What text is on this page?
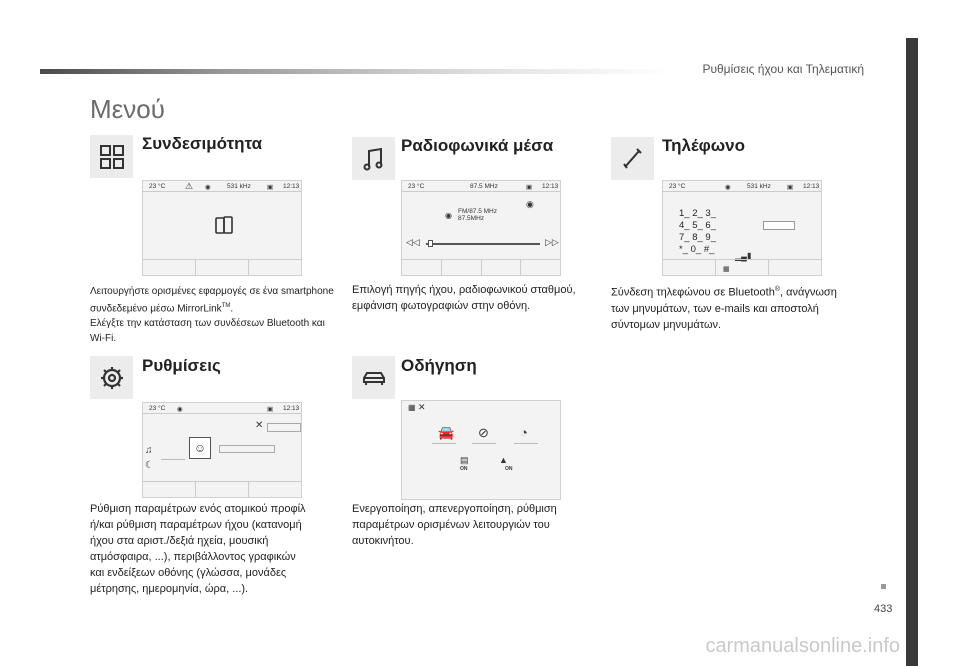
Ρυθμίσεις ήχου και Τηλεματική
Μενού
433
Συνδεσιμότητα
23 °C ⚠ ◉	531 kHz ▣ 12:13
Λειτουργήστε ορισμένες εφαρμογές σε ένα smartphone
συνδεδεμένο μέσω MirrorLink™.
Ελέγξτε την κατάσταση των συνδέσεων Bluetooth και
Wi-Fi.
Ραδιοφωνικά μέσα
23 °C	87.5 MHz	▣ 12:13
◉
◉ FM/87.5 MHz
87.5MHz
◁◁	▷▷
Επιλογή πηγής ήχου, ραδιοφωνικού σταθμού,
εμφάνιση φωτογραφιών στην οθόνη.
Τηλέφωνο
23 °C	◉	531 kHz ▣ 12:13
1_ 2_ 3_
4_ 5_ 6_
7_ 8_ 9_
*_ 0_ #_
▂▄ ▮
▦
Σύνδεση τηλεφώνου σε Bluetooth®, ανάγνωση
των μηνυμάτων, των e-mails και αποστολή
σύντομων μηνυμάτων.
Ρυθμίσεις
23 °C ◉	▣ 12:13
✕
♫
☾
☺
Ρύθμιση παραμέτρων ενός ατομικού προφίλ
ή/και ρύθμιση παραμέτρων ήχου (κατανομή
ήχου στα αριστ./δεξιά ηχεία, μουσική
ατμόσφαιρα, ...), περιβάλλοντος γραφικών
και ενδείξεων οθόνης (γλώσσα, μονάδες
μέτρησης, ημερομηνία, ώρα, ...).
Οδήγηση
▦ ✕
🚘 ⊘ ◔
▤
ON
▲
ON
Ενεργοποίηση, απενεργοποίηση, ρύθμιση
παραμέτρων ορισμένων λειτουργιών του
αυτοκινήτου.
carmanualsonline.info
